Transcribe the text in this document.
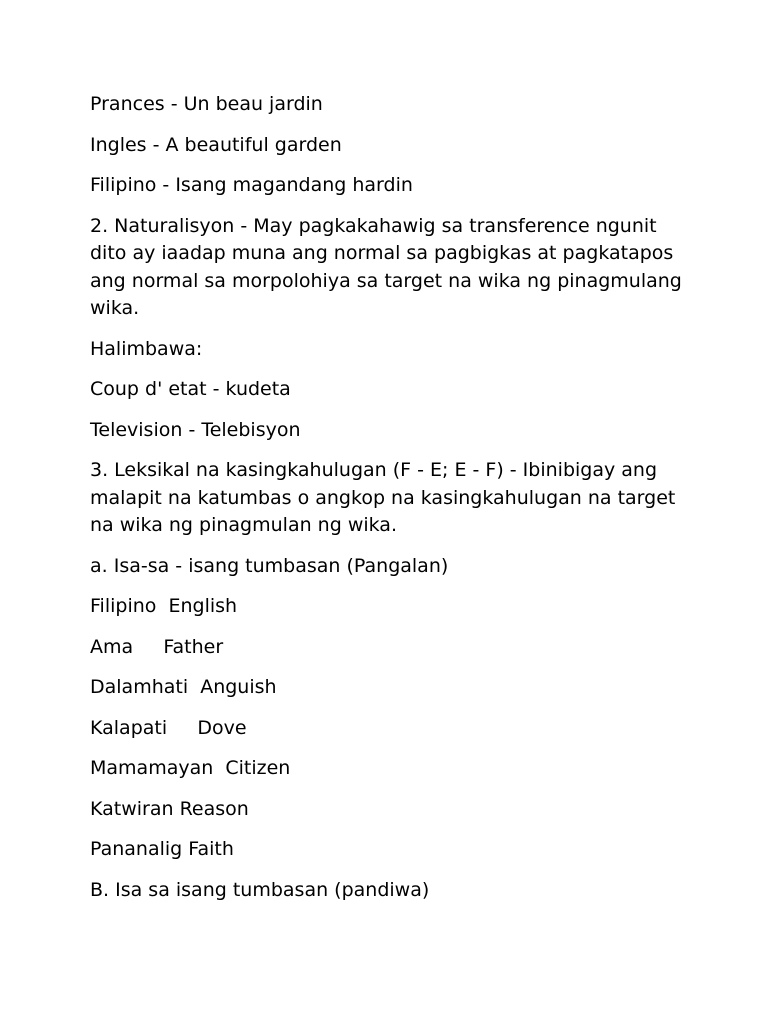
Prances - Un beau jardin

Ingles - A beautiful garden

Filipino - Isang magandang hardin

2. Naturalisyon - May pagkakahawig sa transference ngunit dito ay iaadap muna ang normal sa pagbigkas at pagkatapos ang normal sa morpolohiya sa target na wika ng pinagmulang wika.

Halimbawa:

Coup d' etat - kudeta

Television - Telebisyon

3. Leksikal na kasingkahulugan (F - E; E - F) - Ibinibigay ang malapit na katumbas o angkop na kasingkahulugan na target na wika ng pinagmulan ng wika.

a. Isa-sa - isang tumbasan (Pangalan)

Filipino  English

Ama     Father

Dalamhati  Anguish

Kalapati     Dove

Mamamayan  Citizen

Katwiran Reason

Pananalig Faith

B. Isa sa isang tumbasan (pandiwa)
